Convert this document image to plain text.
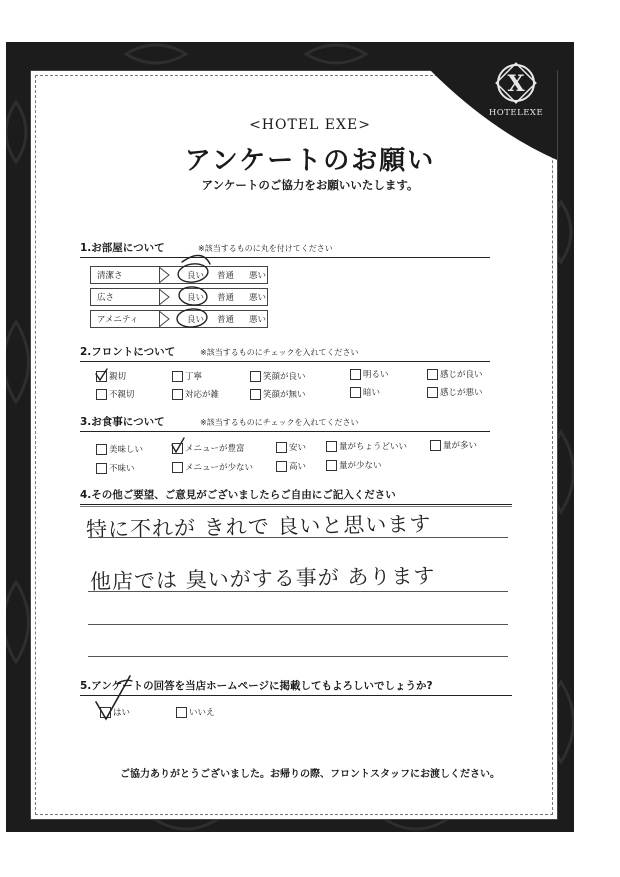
X
HOTELEXE
<HOTEL EXE>
アンケートのお願い
アンケートのご協力をお願いいたします。
1.お部屋について	※該当するものに丸を付けてください
清潔さ	良い 普通 悪い
広さ	良い 普通 悪い
アメニティ	良い 普通 悪い
2.フロントについて	※該当するものにチェックを入れてください
親切	丁寧	笑顔が良い	明るい	感じが良い
不親切	対応が雑	笑顔が無い	暗い	感じが悪い
3.お食事について	※該当するものにチェックを入れてください
美味しい	メニューが豊富	安い	量がちょうどいい	量が多い
不味い	メニューが少ない	高い	量が少ない
4.その他ご要望、ご意見がございましたらご自由にご記入ください
特に不れが きれで 良いと思います
他店では 臭いがする事が あります
5.アンケートの回答を当店ホームページに掲載してもよろしいでしょうか?
はい	いいえ
ご協力ありがとうございました。お帰りの際、フロントスタッフにお渡しください。
